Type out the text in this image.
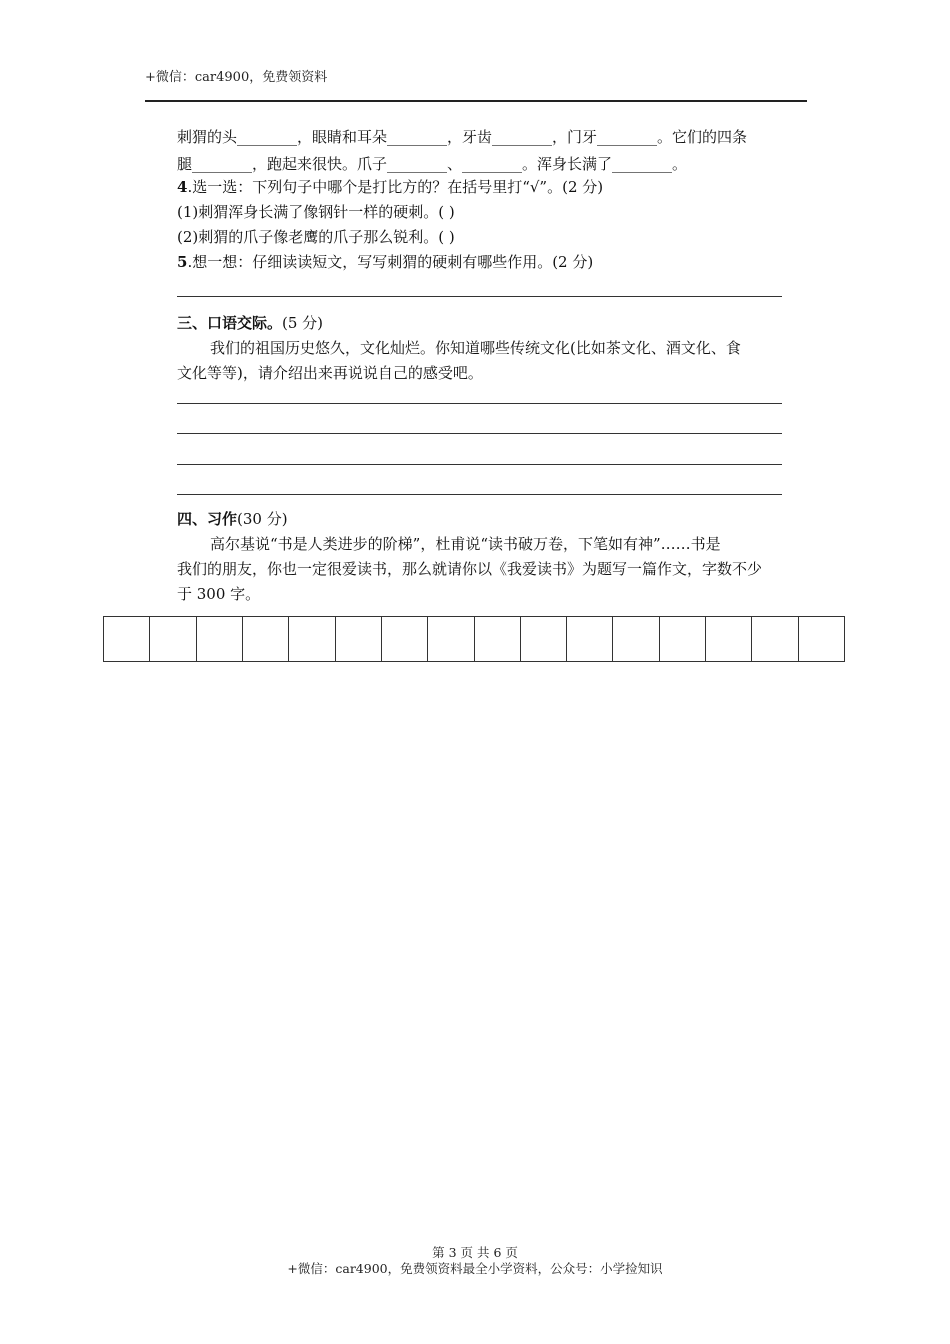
+微信：car4900，免费领资料
刺猬的头________，眼睛和耳朵________，牙齿________，门牙________。它们的四条
腿________，跑起来很快。爪子________、________。浑身长满了________。
4.选一选：下列句子中哪个是打比方的？在括号里打“√”。(2 分)
(1)刺猬浑身长满了像钢针一样的硬刺。( )
(2)刺猬的爪子像老鹰的爪子那么锐利。( )
5.想一想：仔细读读短文，写写刺猬的硬刺有哪些作用。(2 分)
三、口语交际。(5 分)
我们的祖国历史悠久，文化灿烂。你知道哪些传统文化(比如茶文化、酒文化、食
文化等等)，请介绍出来再说说自己的感受吧。
四、习作(30 分)
高尔基说“书是人类进步的阶梯”，杜甫说“读书破万卷，下笔如有神”……书是
我们的朋友，你也一定很爱读书，那么就请你以《我爱读书》为题写一篇作文，字数不少
于 300 字。
第 3 页 共 6 页
+微信：car4900，免费领资料最全小学资料，公众号：小学捡知识
